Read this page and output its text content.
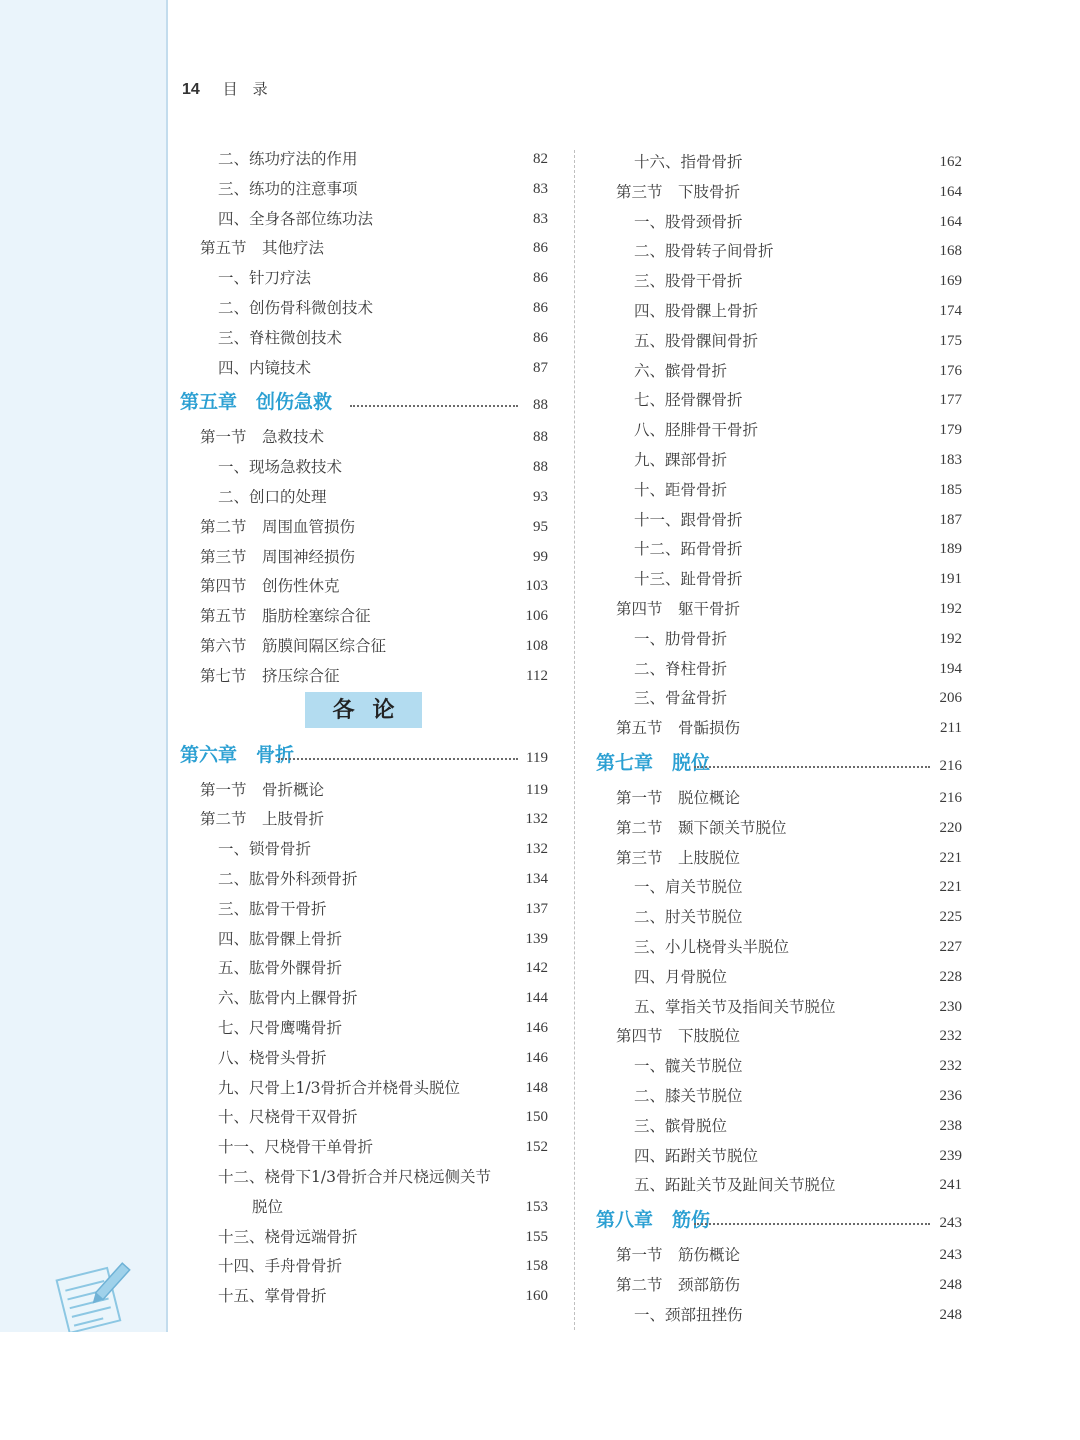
14 目　录
二、练功疗法的作用	82
三、练功的注意事项	83
四、全身各部位练功法	83
第五节　其他疗法	86
一、针刀疗法	86
二、创伤骨科微创技术	86
三、脊柱微创技术	86
四、内镜技术	87
第五章　创伤急救	88
第一节　急救技术	88
一、现场急救技术	88
二、创口的处理	93
第二节　周围血管损伤	95
第三节　周围神经损伤	99
第四节　创伤性休克	103
第五节　脂肪栓塞综合征	106
第六节　筋膜间隔区综合征	108
第七节　挤压综合征	112
各论
第六章　骨折	119
第一节　骨折概论	119
第二节　上肢骨折	132
一、锁骨骨折	132
二、肱骨外科颈骨折	134
三、肱骨干骨折	137
四、肱骨髁上骨折	139
五、肱骨外髁骨折	142
六、肱骨内上髁骨折	144
七、尺骨鹰嘴骨折	146
八、桡骨头骨折	146
九、尺骨上1/3骨折合并桡骨头脱位	148
十、尺桡骨干双骨折	150
十一、尺桡骨干单骨折	152
十二、桡骨下1/3骨折合并尺桡远侧关节
脱位	153
十三、桡骨远端骨折	155
十四、手舟骨骨折	158
十五、掌骨骨折	160
十六、指骨骨折	162
第三节　下肢骨折	164
一、股骨颈骨折	164
二、股骨转子间骨折	168
三、股骨干骨折	169
四、股骨髁上骨折	174
五、股骨髁间骨折	175
六、髌骨骨折	176
七、胫骨髁骨折	177
八、胫腓骨干骨折	179
九、踝部骨折	183
十、距骨骨折	185
十一、跟骨骨折	187
十二、跖骨骨折	189
十三、趾骨骨折	191
第四节　躯干骨折	192
一、肋骨骨折	192
二、脊柱骨折	194
三、骨盆骨折	206
第五节　骨骺损伤	211
第七章　脱位	216
第一节　脱位概论	216
第二节　颞下颌关节脱位	220
第三节　上肢脱位	221
一、肩关节脱位	221
二、肘关节脱位	225
三、小儿桡骨头半脱位	227
四、月骨脱位	228
五、掌指关节及指间关节脱位	230
第四节　下肢脱位	232
一、髋关节脱位	232
二、膝关节脱位	236
三、髌骨脱位	238
四、跖跗关节脱位	239
五、跖趾关节及趾间关节脱位	241
第八章　筋伤	243
第一节　筋伤概论	243
第二节　颈部筋伤	248
一、颈部扭挫伤	248
